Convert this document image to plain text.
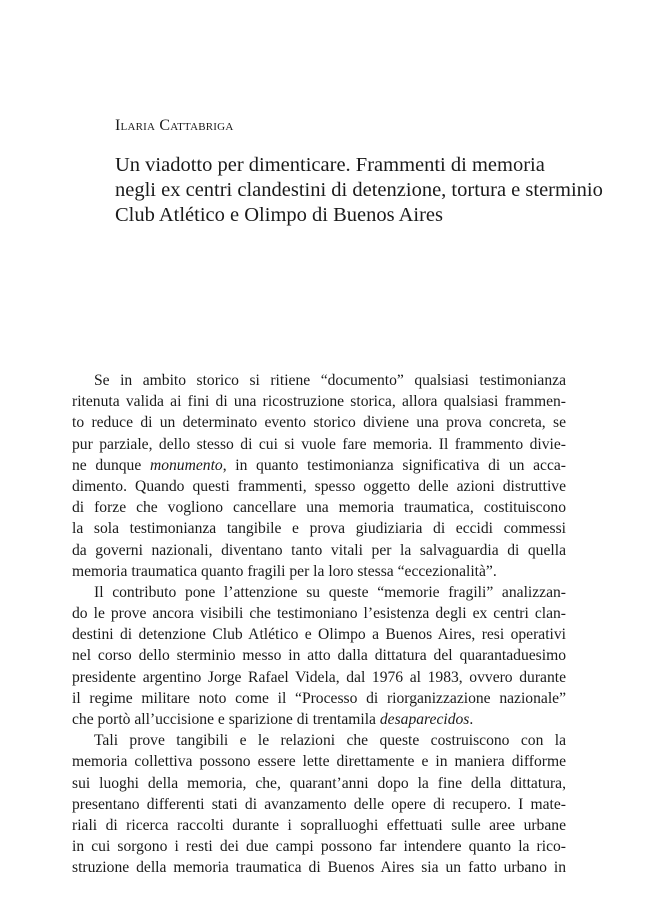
Ilaria Cattabriga
Un viadotto per dimenticare. Frammenti di memoria
negli ex centri clandestini di detenzione, tortura e sterminio
Club Atlético e Olimpo di Buenos Aires
Se in ambito storico si ritiene “documento” qualsiasi testimonianza
ritenuta valida ai fini di una ricostruzione storica, allora qualsiasi frammen-
to reduce di un determinato evento storico diviene una prova concreta, se
pur parziale, dello stesso di cui si vuole fare memoria. Il frammento divie-
ne dunque monumento, in quanto testimonianza significativa di un acca-
dimento. Quando questi frammenti, spesso oggetto delle azioni distruttive
di forze che vogliono cancellare una memoria traumatica, costituiscono
la sola testimonianza tangibile e prova giudiziaria di eccidi commessi
da governi nazionali, diventano tanto vitali per la salvaguardia di quella
memoria traumatica quanto fragili per la loro stessa “eccezionalità”.
Il contributo pone l’attenzione su queste “memorie fragili” analizzan-
do le prove ancora visibili che testimoniano l’esistenza degli ex centri clan-
destini di detenzione Club Atlético e Olimpo a Buenos Aires, resi operativi
nel corso dello sterminio messo in atto dalla dittatura del quarantaduesimo
presidente argentino Jorge Rafael Videla, dal 1976 al 1983, ovvero durante
il regime militare noto come il “Processo di riorganizzazione nazionale”
che portò all’uccisione e sparizione di trentamila desaparecidos.
Tali prove tangibili e le relazioni che queste costruiscono con la
memoria collettiva possono essere lette direttamente e in maniera difforme
sui luoghi della memoria, che, quarant’anni dopo la fine della dittatura,
presentano differenti stati di avanzamento delle opere di recupero. I mate-
riali di ricerca raccolti durante i sopralluoghi effettuati sulle aree urbane
in cui sorgono i resti dei due campi possono far intendere quanto la rico-
struzione della memoria traumatica di Buenos Aires sia un fatto urbano in
